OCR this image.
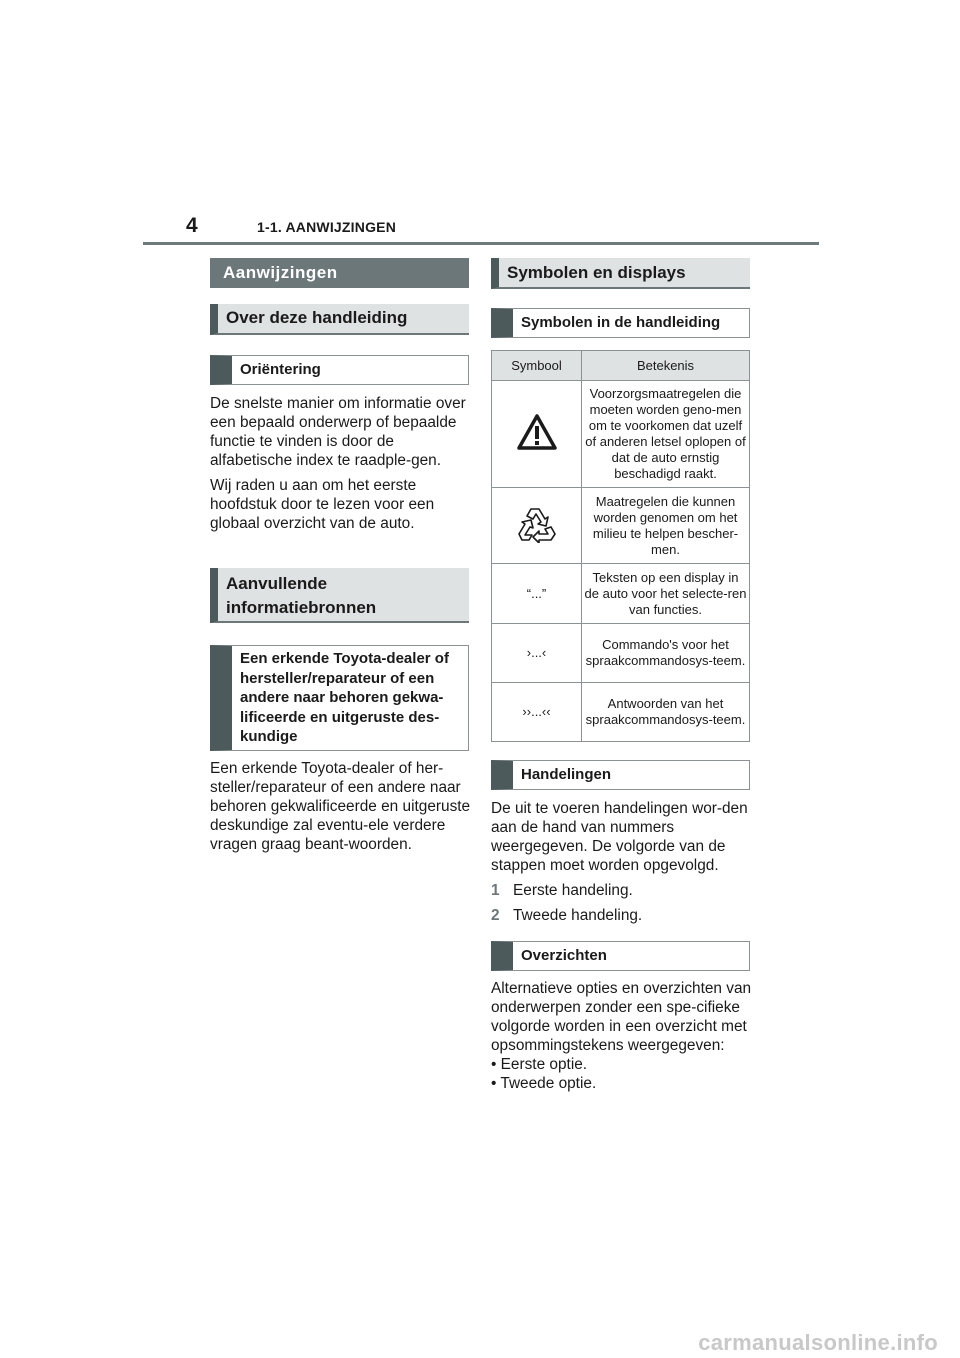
4	1-1. AANWIJZINGEN
Aanwijzingen
Over deze handleiding
Oriëntering

De snelste manier om informatie over een bepaald onderwerp of bepaalde functie te vinden is door de alfabetische index te raadple-gen.

Wij raden u aan om het eerste hoofdstuk door te lezen voor een globaal overzicht van de auto.

Aanvullende
informatiebronnen
Een erkende Toyota-dealer of hersteller/reparateur of een andere naar behoren gekwa-lificeerde en uitgeruste des-kundige

Een erkende Toyota-dealer of her-steller/reparateur of een andere naar behoren gekwalificeerde en uitgeruste deskundige zal eventu-ele verdere vragen graag beant-woorden.

Symbolen en displays
Symbolen in de handleiding
Symbool	Betekenis
	Voorzorgsmaatregelen die moeten worden geno-men om te voorkomen dat uzelf of anderen letsel oplopen of dat de auto ernstig beschadigd raakt.
	Maatregelen die kunnen worden genomen om het milieu te helpen bescher-men.
“...”	Teksten op een display in de auto voor het selecte-ren van functies.
›...‹	Commando's voor het spraakcommandosys-teem.
››...‹‹	Antwoorden van het spraakcommandosys-teem.
Handelingen

De uit te voeren handelingen wor-den aan de hand van nummers weergegeven. De volgorde van de stappen moet worden opgevolgd.

1 Eerste handeling.

2 Tweede handeling.

Overzichten

Alternatieve opties en overzichten van onderwerpen zonder een spe-cifieke volgorde worden in een overzicht met opsommingstekens weergegeven:

• Eerste optie.
• Tweede optie.
carmanualsonline.info
